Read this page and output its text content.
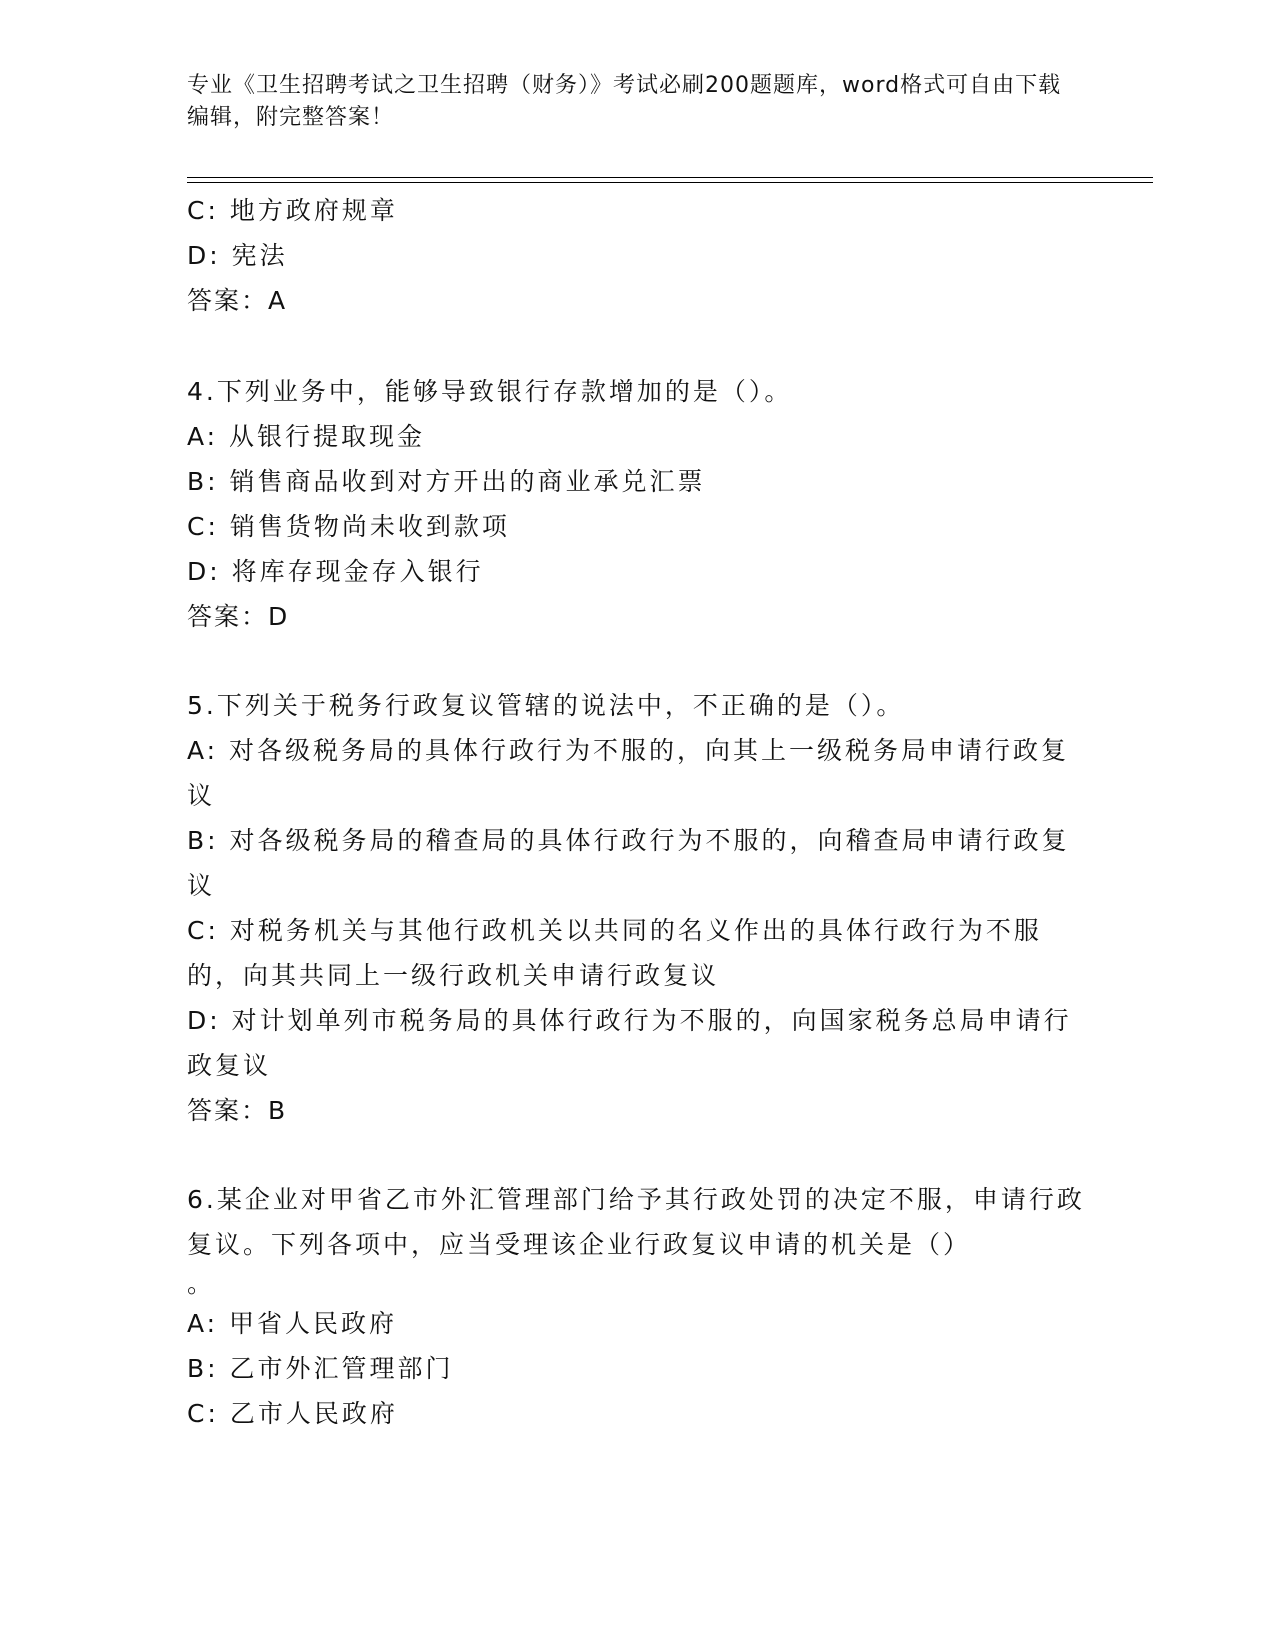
专业《卫生招聘考试之卫生招聘（财务）》考试必刷200题题库，word格式可自由下载编辑，附完整答案！

C: 地方政府规章

D: 宪法

答案：A

4.下列业务中，能够导致银行存款增加的是（）。

A: 从银行提取现金

B: 销售商品收到对方开出的商业承兑汇票

C: 销售货物尚未收到款项

D: 将库存现金存入银行

答案：D

5.下列关于税务行政复议管辖的说法中，不正确的是（）。

A: 对各级税务局的具体行政行为不服的，向其上一级税务局申请行政复议

B: 对各级税务局的稽查局的具体行政行为不服的，向稽查局申请行政复议

C: 对税务机关与其他行政机关以共同的名义作出的具体行政行为不服的，向其共同上一级行政机关申请行政复议

D: 对计划单列市税务局的具体行政行为不服的，向国家税务总局申请行政复议

答案：B

6.某企业对甲省乙市外汇管理部门给予其行政处罚的决定不服，申请行政复议。下列各项中，应当受理该企业行政复议申请的机关是（）

。

A: 甲省人民政府

B: 乙市外汇管理部门

C: 乙市人民政府
